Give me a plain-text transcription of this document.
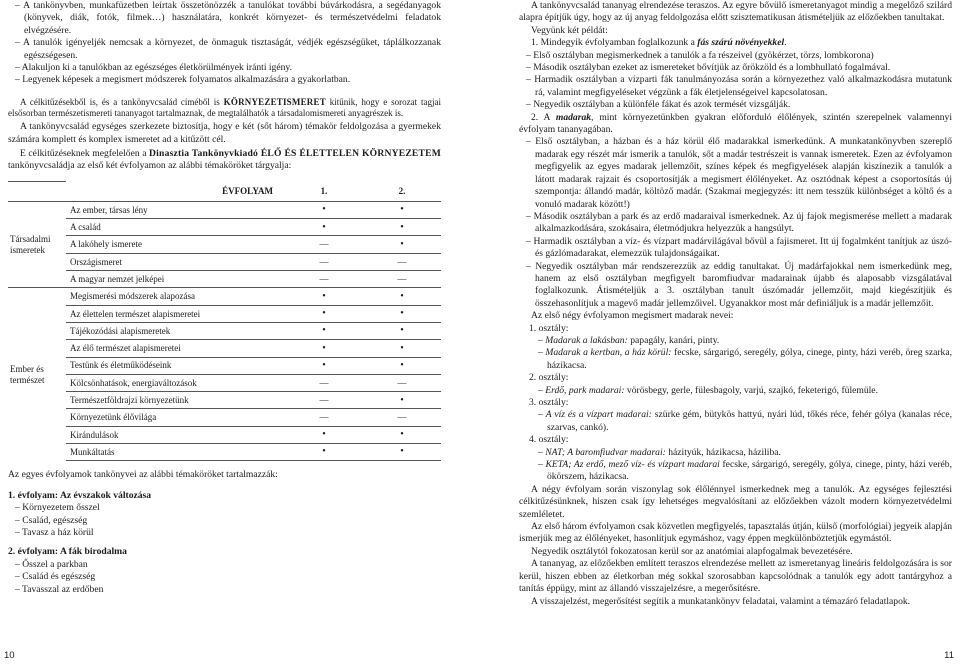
– A tankönyvben, munkafüzetben leírtak összetönözzék a tanulókat további búvárkodásra, a segédanyagok (könyvek, diák, fotók, filmek…) használatára, konkrét környezet- és természetvédelmi feladatok elvégzésére.

– A tanulók igényeljék nemcsak a környezet, de önmaguk tisztaságát, védjék egészségüket, táplálkozzanak egészségesen.

– Alakuljon ki a tanulókban az egészséges életkörülmények iránti igény.

– Legyenek képesek a megismert módszerek folyamatos alkalmazására a gyakorlatban.

A célkitűzésekből is, és a tankönyvcsalád címéből is KÖRNYEZETISMERET kitűnik, hogy e sorozat tagjai elsősorban természetismereti tananyagot tartalmaznak, de megtalálhatók a társadalomismereti anyagrészek is.

A tankönyvcsalád egységes szerkezete biztosítja, hogy e két (sőt három) témakör feldolgozása a gyermekek számára komplett és komplex ismeretet ad a kitűzött cél.

E célkitűzéseknek megfelelően a Dinasztia Tankönyvkiadó ÉLŐ ÉS ÉLETTELEN KÖRNYEZETEM tankönyvcsaládja az első két évfolyamon az alábbi témaköröket tárgyalja:

	ÉVFOLYAM	1.	2.
Társadalmi ismeretek	Az ember, társas lény	•	•
	A család	•	•
	A lakóhely ismerete	—	•
	Országismeret	—	—
	A magyar nemzet jelképei	—	—
Ember és természet	Megismerési módszerek alapozása	•	•
	Az élettelen természet alapismeretei	•	•
	Tájékozódási alapismeretek	•	•
	Az élő természet alapismeretei	•	•
	Testünk és életműködéseink	•	•
	Kölcsönhatások, energiaváltozások	—	—
	Természetföldrajzi környezetünk	—	•
	Környezetünk élővilága	—	—
	Kirándulások	•	•
	Munkáltatás	•	•

Az egyes évfolyamok tankönyvei az alábbi témaköröket tartalmazzák:

1. évfolyam: Az évszakok változása

– Környezetem ősszel

– Család, egészség

– Tavasz a ház körül

2. évfolyam: A fák birodalma

– Ősszel a parkban

– Család és egészség

– Tavasszal az erdőben

A tankönyvcsalád tananyag elrendezése teraszos. Az egyre bővülő ismeretanyagot mindig a megelőző szilárd alapra építjük úgy, hogy az új anyag feldolgozása előtt szisztematikusan átismételjük az előzőekben tanultakat.

Vegyünk két példát:

1. Mindegyik évfolyamban foglalkozunk a fás szárú növényekkel.

– Első osztályban megismerkednek a tanulók a fa részeivel (gyökérzet, törzs, lombkorona)

– Második osztályban ezeket az ismereteket bővítjük az őrökzöld és a lombhullató fogalmával.

– Harmadik osztályban a vízparti fák tanulmányozása során a környezethez való alkalmazkodásra mutatunk rá, valamint megfigyeléseket végzünk a fák életjelenségeivel kapcsolatosan.

– Negyedik osztályban a különféle fákat és azok termését vizsgálják.

2. A madarak, mint környezetünkben gyakran előforduló élőlények, szintén szerepelnek valamennyi évfolyam tananyagában.

– Első osztályban, a házban és a ház körül élő madarakkal ismerkedünk. A munkatankönyvben szereplő madarak egy részét már ismerik a tanulók, sőt a madár testrészeit is vannak ismeretek. Ezen az évfolyamon megfigyelik az egyes madarak jellemzőit, színes képek és megfigyelések alapján kiszínezik a tanulók a látott madarak rajzait és csoportosítják a megismert élőlényeket. Az osztódnak képest a csoportosítás új szempontja: állandó madár, költöző madár. (Szakmai megjegyzés: itt nem tesszük különbséget a költő és a vonuló madarak között!)

– Második osztályban a park és az erdő madaraival ismerkednek. Az új fajok megismerése mellett a madarak alkalmazkodására, szokásaira, életmódjukra helyezzük a hangsúlyt.

– Harmadik osztályban a víz- és vízpart madárvilágával bővül a fajismeret. Itt új fogalmként tanítjuk az úszó- és gázlómadarakat, elemezzük tulajdonságaikat.

– Negyedik osztályban már rendszerezzük az eddig tanultakat. Új madárfajokkal nem ismerkedünk meg, hanem az első osztályban megfigyelt baromfiudvar madarainak újabb és alaposabb vizsgálatával foglalkozunk. Átismételjük a 3. osztályban tanult úszómadár jellemzőit, majd kiegészítjük és összehasonlítjuk a magevő madár jellemzőivel. Ugyanakkor most már definiáljuk is a madár jellemzőit.

Az első négy évfolyamon megismert madarak nevei:

1. osztály:

– Madarak a lakásban: papagály, kanári, pinty.

– Madarak a kertban, a ház körül: fecske, sárgarigó, seregély, gólya, cinege, pinty, házi veréb, öreg szarka, házikacsa.

2. osztály:

– Erdő, park madarai: vörösbegy, gerle, fülesbagoly, varjú, szajkó, feketerigó, fülemüle.

3. osztály:

– A víz és a vízpart madarai: szürke gém, bütykös hattyú, nyári lúd, tőkés réce, fehér gólya (kanalas réce, szarvas, cankó).

4. osztály:

– NAT; A baromfiudvar madarai: házityúk, házikacsa, háziliba.

– KETA; Az erdő, mező víz- és vízpart madarai fecske, sárgarigó, seregély, gólya, cinege, pinty, házi veréb, ökörszem, házikacsa.

A négy évfolyam során viszonylag sok élőlénnyel ismerkednek meg a tanulók. Az egységes fejlesztési célkitűzésünknek, hiszen csak így lehetséges megvalósítani az előzőekben vázolt modern környezetvédelmi szemléletet.

Az első három évfolyamon csak közvetlen megfigyelés, tapasztalás útján, külső (morfológiai) jegyeik alapján ismerjük meg az élőlényeket, hasonlítjuk egymáshoz, vagy éppen megkülönböztetjük egymástól.

Negyedik osztálytól fokozatosan kerül sor az anatómiai alapfogalmak bevezetésére.

A tananyag, az előzőekben említett teraszos elrendezése mellett az ismeretanyag lineáris feldolgozására is sor kerül, hiszen ebben az életkorban még sokkal szorosabban kapcsolódnak a tanulók egy adott tantárgyhoz a tanítás éppügy, mint az állandó visszajelzésre, a megerősítésre.

A visszajelzést, megerősítést segítik a munkatankönyv feladatai, valamint a témazáró feladatlapok.

10	11
